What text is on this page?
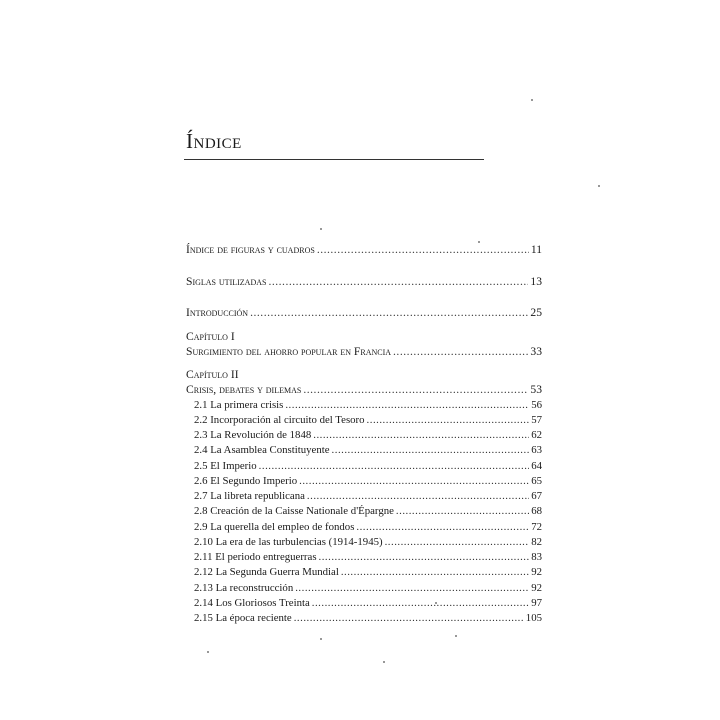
Índice
Índice de figuras y cuadros .....	11
Siglas utilizadas .....	13
Introducción .....	25
Capítulo I
Surgimiento del ahorro popular en Francia .....	33
Capítulo II
Crisis, debates y dilemas .....	53
2.1 La primera crisis .....	56
2.2 Incorporación al circuito del Tesoro .....	57
2.3 La Revolución de 1848 .....	62
2.4 La Asamblea Constituyente .....	63
2.5 El Imperio .....	64
2.6 El Segundo Imperio .....	65
2.7 La libreta republicana .....	67
2.8 Creación de la Caisse Nationale d'Épargne .....	68
2.9 La querella del empleo de fondos .....	72
2.10 La era de las turbulencias (1914-1945) .....	82
2.11 El periodo entreguerras .....	83
2.12 La Segunda Guerra Mundial .....	92
2.13 La reconstrucción .....	92
2.14 Los Gloriosos Treinta .....	97
2.15 La época reciente .....	105
